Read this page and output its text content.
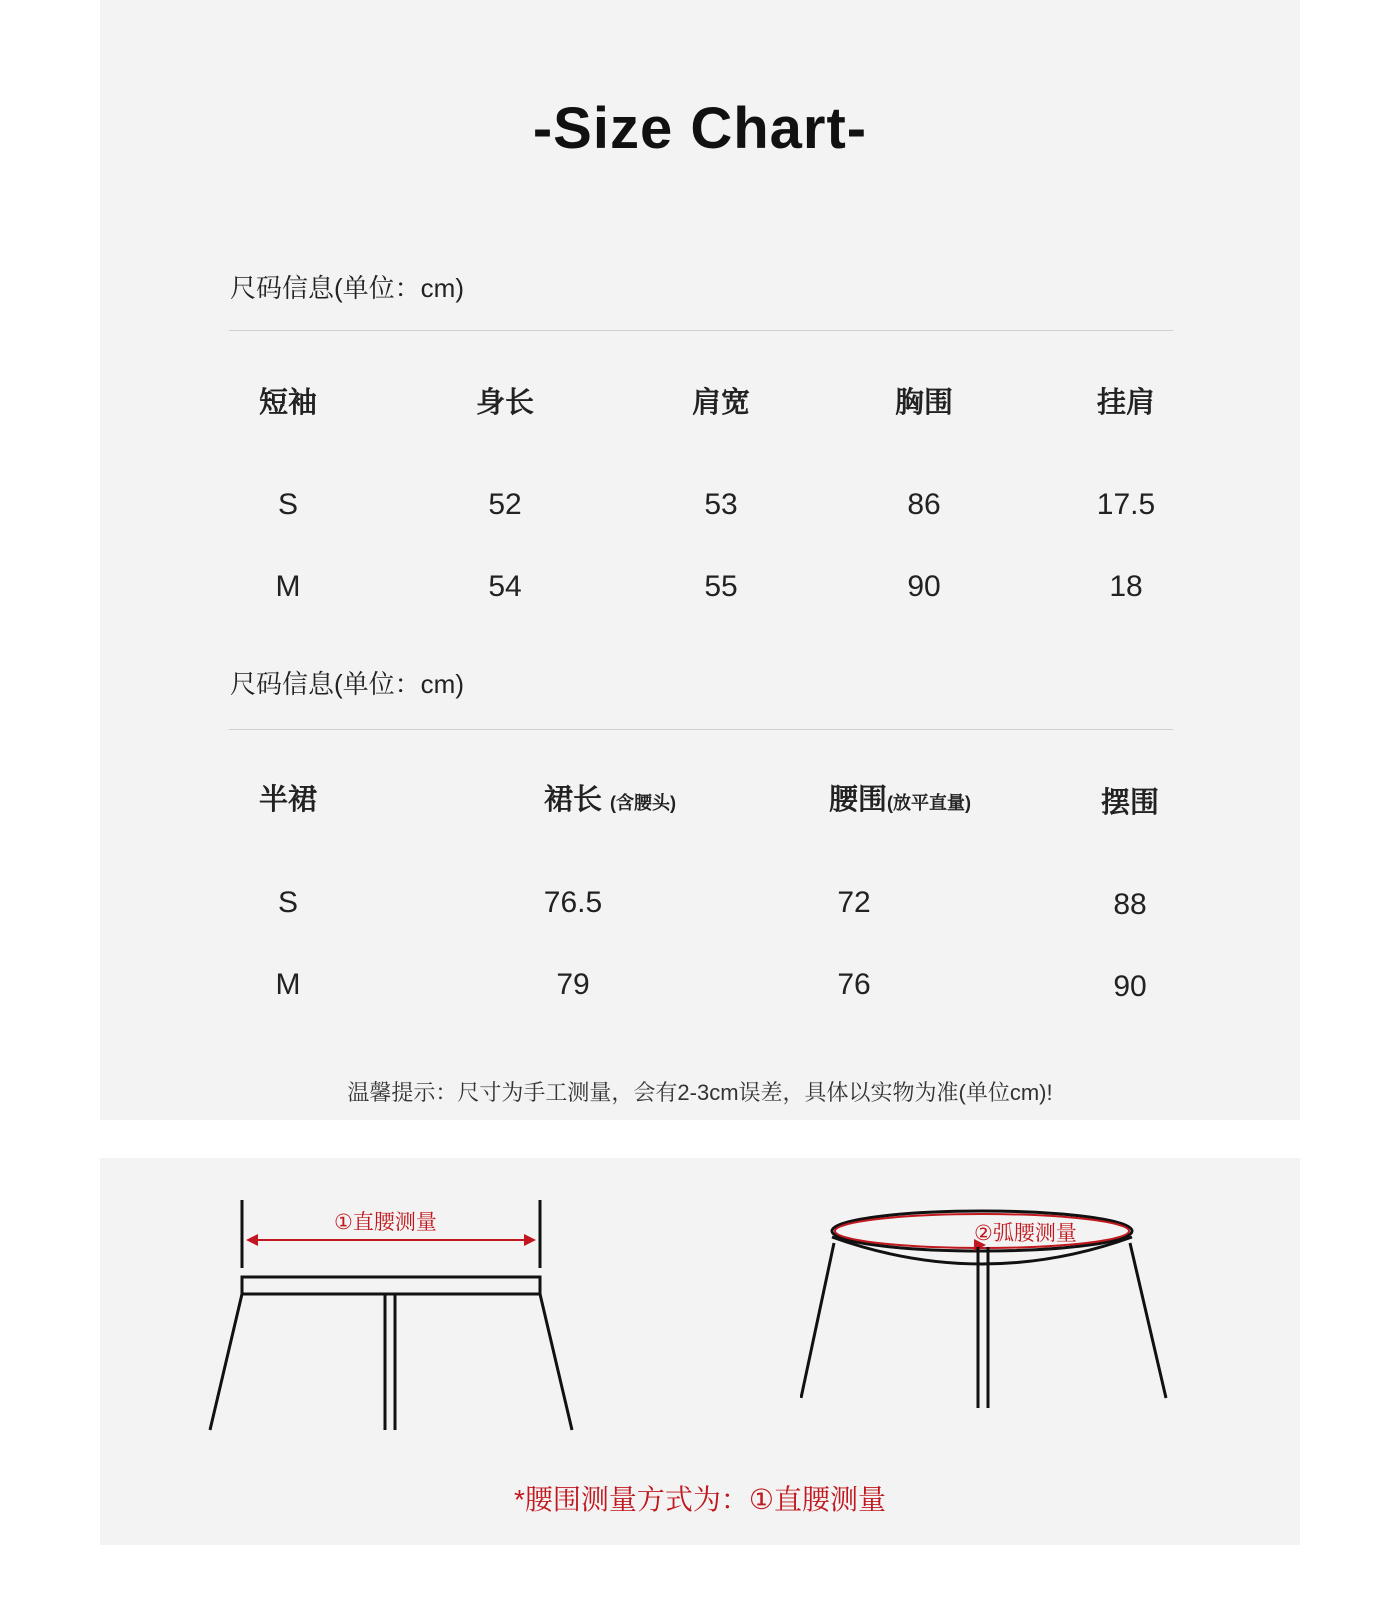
-Size Chart-
尺码信息(单位：cm)
短袖	身长	肩宽	胸围	挂肩
S	52	53	86	17.5
M	54	55	90	18
尺码信息(单位：cm)
半裙	裙长 (含腰头)	腰围(放平直量)	摆围
S	76.5	72	88
M	79	76	90
温馨提示：尺寸为手工测量，会有2-3cm误差，具体以实物为准(单位cm)!
①直腰测量	②弧腰测量
*腰围测量方式为：①直腰测量
